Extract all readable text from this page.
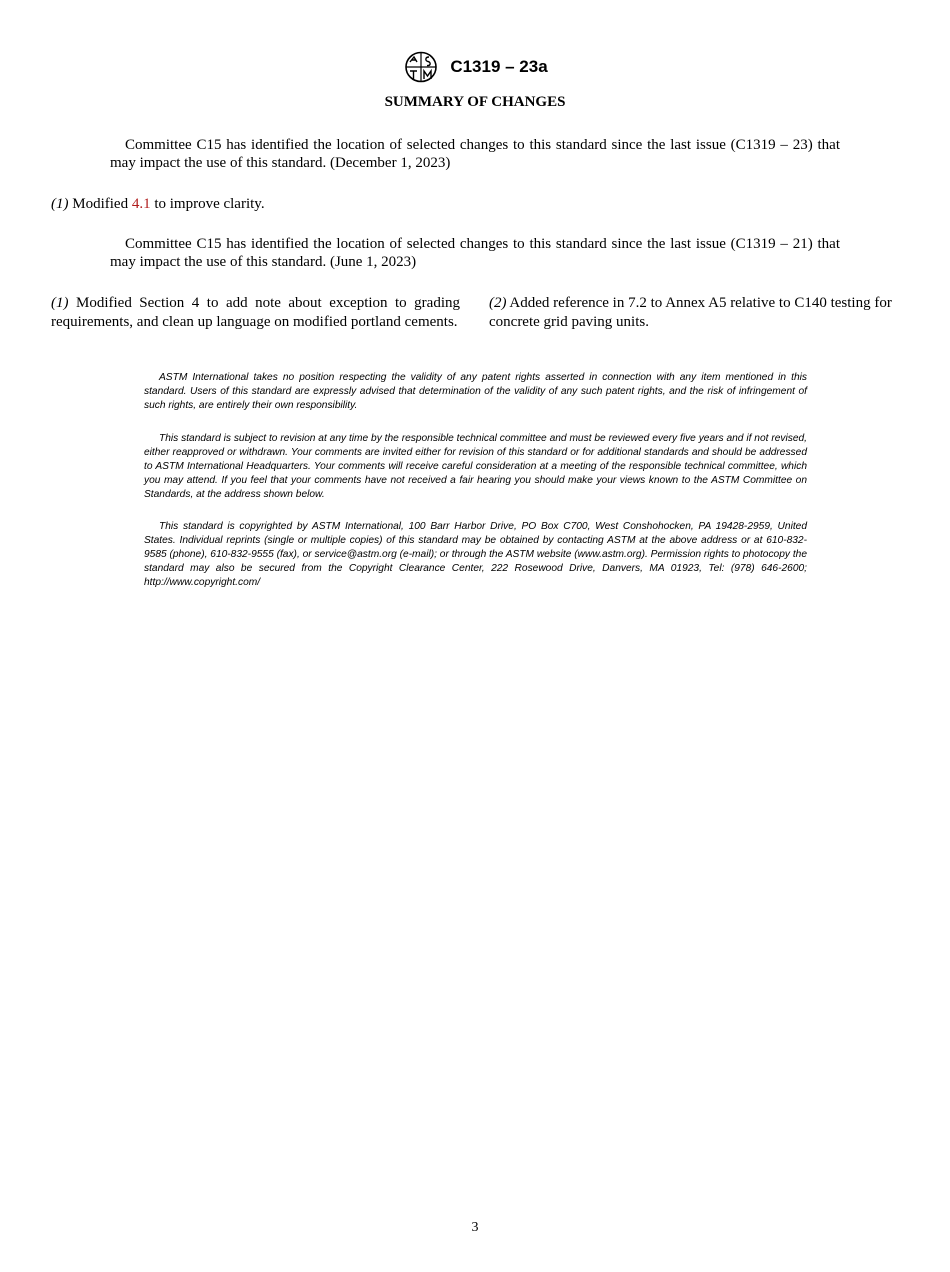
C1319 – 23a
SUMMARY OF CHANGES

Committee C15 has identified the location of selected changes to this standard since the last issue (C1319 – 23) that may impact the use of this standard. (December 1, 2023)

(1) Modified 4.1 to improve clarity.

Committee C15 has identified the location of selected changes to this standard since the last issue (C1319 – 21) that may impact the use of this standard. (June 1, 2023)

(1) Modified Section 4 to add note about exception to grading requirements, and clean up language on modified portland cements.

(2) Added reference in 7.2 to Annex A5 relative to C140 testing for concrete grid paving units.

ASTM International takes no position respecting the validity of any patent rights asserted in connection with any item mentioned in this standard. Users of this standard are expressly advised that determination of the validity of any such patent rights, and the risk of infringement of such rights, are entirely their own responsibility.

This standard is subject to revision at any time by the responsible technical committee and must be reviewed every five years and if not revised, either reapproved or withdrawn. Your comments are invited either for revision of this standard or for additional standards and should be addressed to ASTM International Headquarters. Your comments will receive careful consideration at a meeting of the responsible technical committee, which you may attend. If you feel that your comments have not received a fair hearing you should make your views known to the ASTM Committee on Standards, at the address shown below.

This standard is copyrighted by ASTM International, 100 Barr Harbor Drive, PO Box C700, West Conshohocken, PA 19428-2959, United States. Individual reprints (single or multiple copies) of this standard may be obtained by contacting ASTM at the above address or at 610-832-9585 (phone), 610-832-9555 (fax), or service@astm.org (e-mail); or through the ASTM website (www.astm.org). Permission rights to photocopy the standard may also be secured from the Copyright Clearance Center, 222 Rosewood Drive, Danvers, MA 01923, Tel: (978) 646-2600; http://www.copyright.com/

3
